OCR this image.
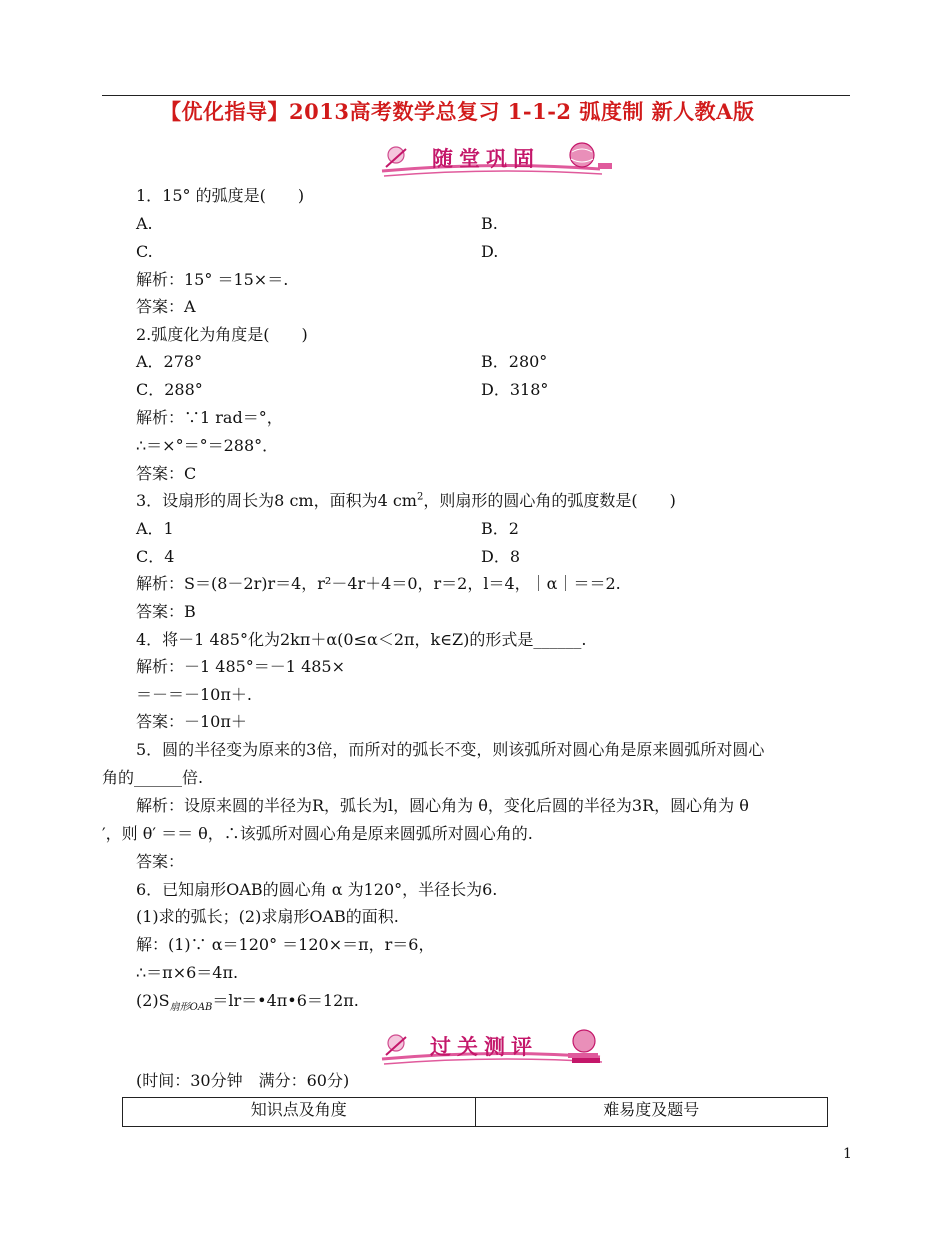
【优化指导】2013高考数学总复习 1-1-2 弧度制 新人教A版
随堂巩固
1．15° 的弧度是(　　)
A.	B.
C.	D.
解析：15° ＝15×＝.
答案：A
2.弧度化为角度是(　　)
A．278°	B．280°
C．288°	D．318°
解析：∵1 rad＝°，
∴＝×°＝°＝288°．
答案：C
3．设扇形的周长为8 cm，面积为4 $cm^2$，则扇形的圆心角的弧度数是(　　)
A．1	B．2
C．4	D．8
解析：S＝(8－2r)r＝4，r²－4r＋4＝0，r＝2，l＝4，｜α｜＝＝2.
答案：B
4．将－1 485°化为2kπ＋α(0≤α＜2π，k∈Z)的形式是______.
解析：－1 485°＝－1 485×
＝－＝－10π＋.
答案：－10π＋
5．圆的半径变为原来的3倍，而所对的弧长不变，则该弧所对圆心角是原来圆弧所对圆心
角的______倍.
解析：设原来圆的半径为R，弧长为l，圆心角为 θ，变化后圆的半径为3R，圆心角为 θ
′，则 θ′ ＝＝ θ，∴该弧所对圆心角是原来圆弧所对圆心角的.
答案：
6．已知扇形OAB的圆心角 α 为120°，半径长为6.
(1)求的弧长；(2)求扇形OAB的面积.
解：(1)∵ α＝120° ＝120×＝π，r＝6，
∴＝π×6＝4π.
$(2)S_{扇形OAB}=lr=•4\pi•6=12\pi$.
过关测评
(时间：30分钟　满分：60分)
知识点及角度	难易度及题号
1
